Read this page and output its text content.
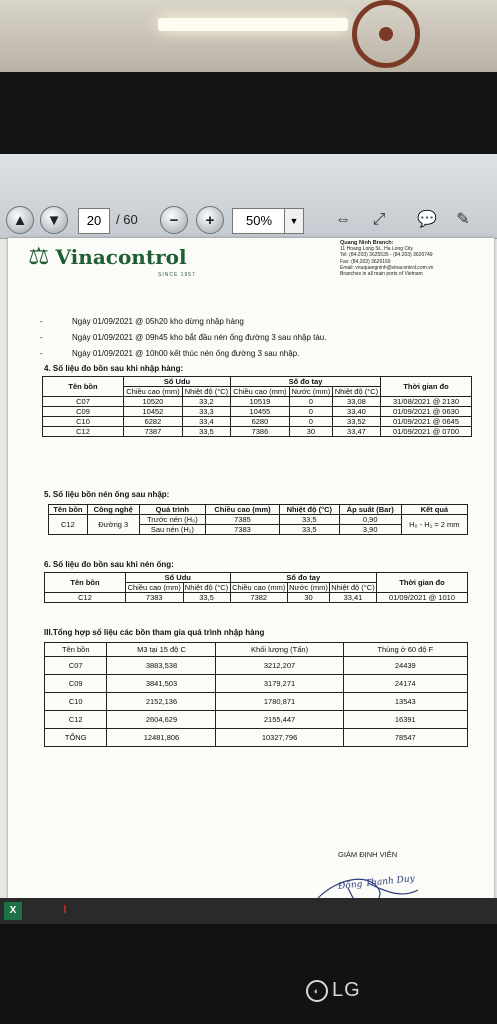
▲	▼	20	/ 60	−	+	50%	▼	⇔	⤢	💬	✎
⚖ Vinacontrol
SINCE 1957
Quang Ninh Branch:
11 Hoang Long St., Ha Long City
Tel: (84.203) 3625535 - (84.203) 3620749
Fax: (84.203) 3626169
Email: vnuquangninh@vinacontrol.com.vn
Branches in all main ports of Vietnam
- Ngày 01/09/2021 @ 05h20 kho dừng nhập hàng
- Ngày 01/09/2021 @ 09h45 kho bắt đầu nén ống đường 3 sau nhập tàu.
- Ngày 01/09/2021 @ 10h00 kết thúc nén ống đường 3 sau nhập.
4. Số liệu đo bồn sau khi nhập hàng:
Tên bồn	Số Udu		Số đo tay			Thời gian đo
	Chiều cao (mm)	Nhiệt độ (°C)	Chiều cao (mm)	Nước (mm)	Nhiệt độ (°C)	
C07	10520	33,2	10519	0	33,08	31/08/2021 @ 2130
C09	10452	33,3	10455	0	33,40	01/09/2021 @ 0630
C10	6282	33,4	6280	0	33,52	01/09/2021 @ 0645
C12	7387	33,5	7386	30	33,47	01/09/2021 @ 0700
5. Số liệu bồn nén ống sau nhập:
Tên bồn	Công nghệ	Quá trình	Chiều cao (mm)	Nhiệt độ (°C)	Áp suất (Bar)	Kết quả
C12	Đường 3	Trước nén (H₀)	7385	33,5	0,90	H₀ - H₁ = 2 mm
		Sau nén (H₁)	7383	33,5	3,90	
6. Số liệu đo bồn sau khi nén ống:
Tên bồn	Số Udu		Số đo tay			Thời gian đo
	Chiều cao (mm)	Nhiệt độ (°C)	Chiều cao (mm)	Nước (mm)	Nhiệt độ (°C)	
C12	7383	33,5	7382	30	33,41	01/09/2021 @ 1010
III.Tổng hợp số liệu các bồn tham gia quá trình nhập hàng
Tên bồn	M3 tại 15 độ C	Khối lượng (Tấn)	Thùng ở 60 độ F
C07	3883,538	3212,207	24439
C09	3841,503	3179,271	24174
C10	2152,136	1780,871	13543
C12	2604,629	2155,447	16391
TỔNG	12481,806	10327,796	78547
GIÁM ĐỊNH VIÊN
Đồng Thanh Duy
X	⌇
◐ LG
